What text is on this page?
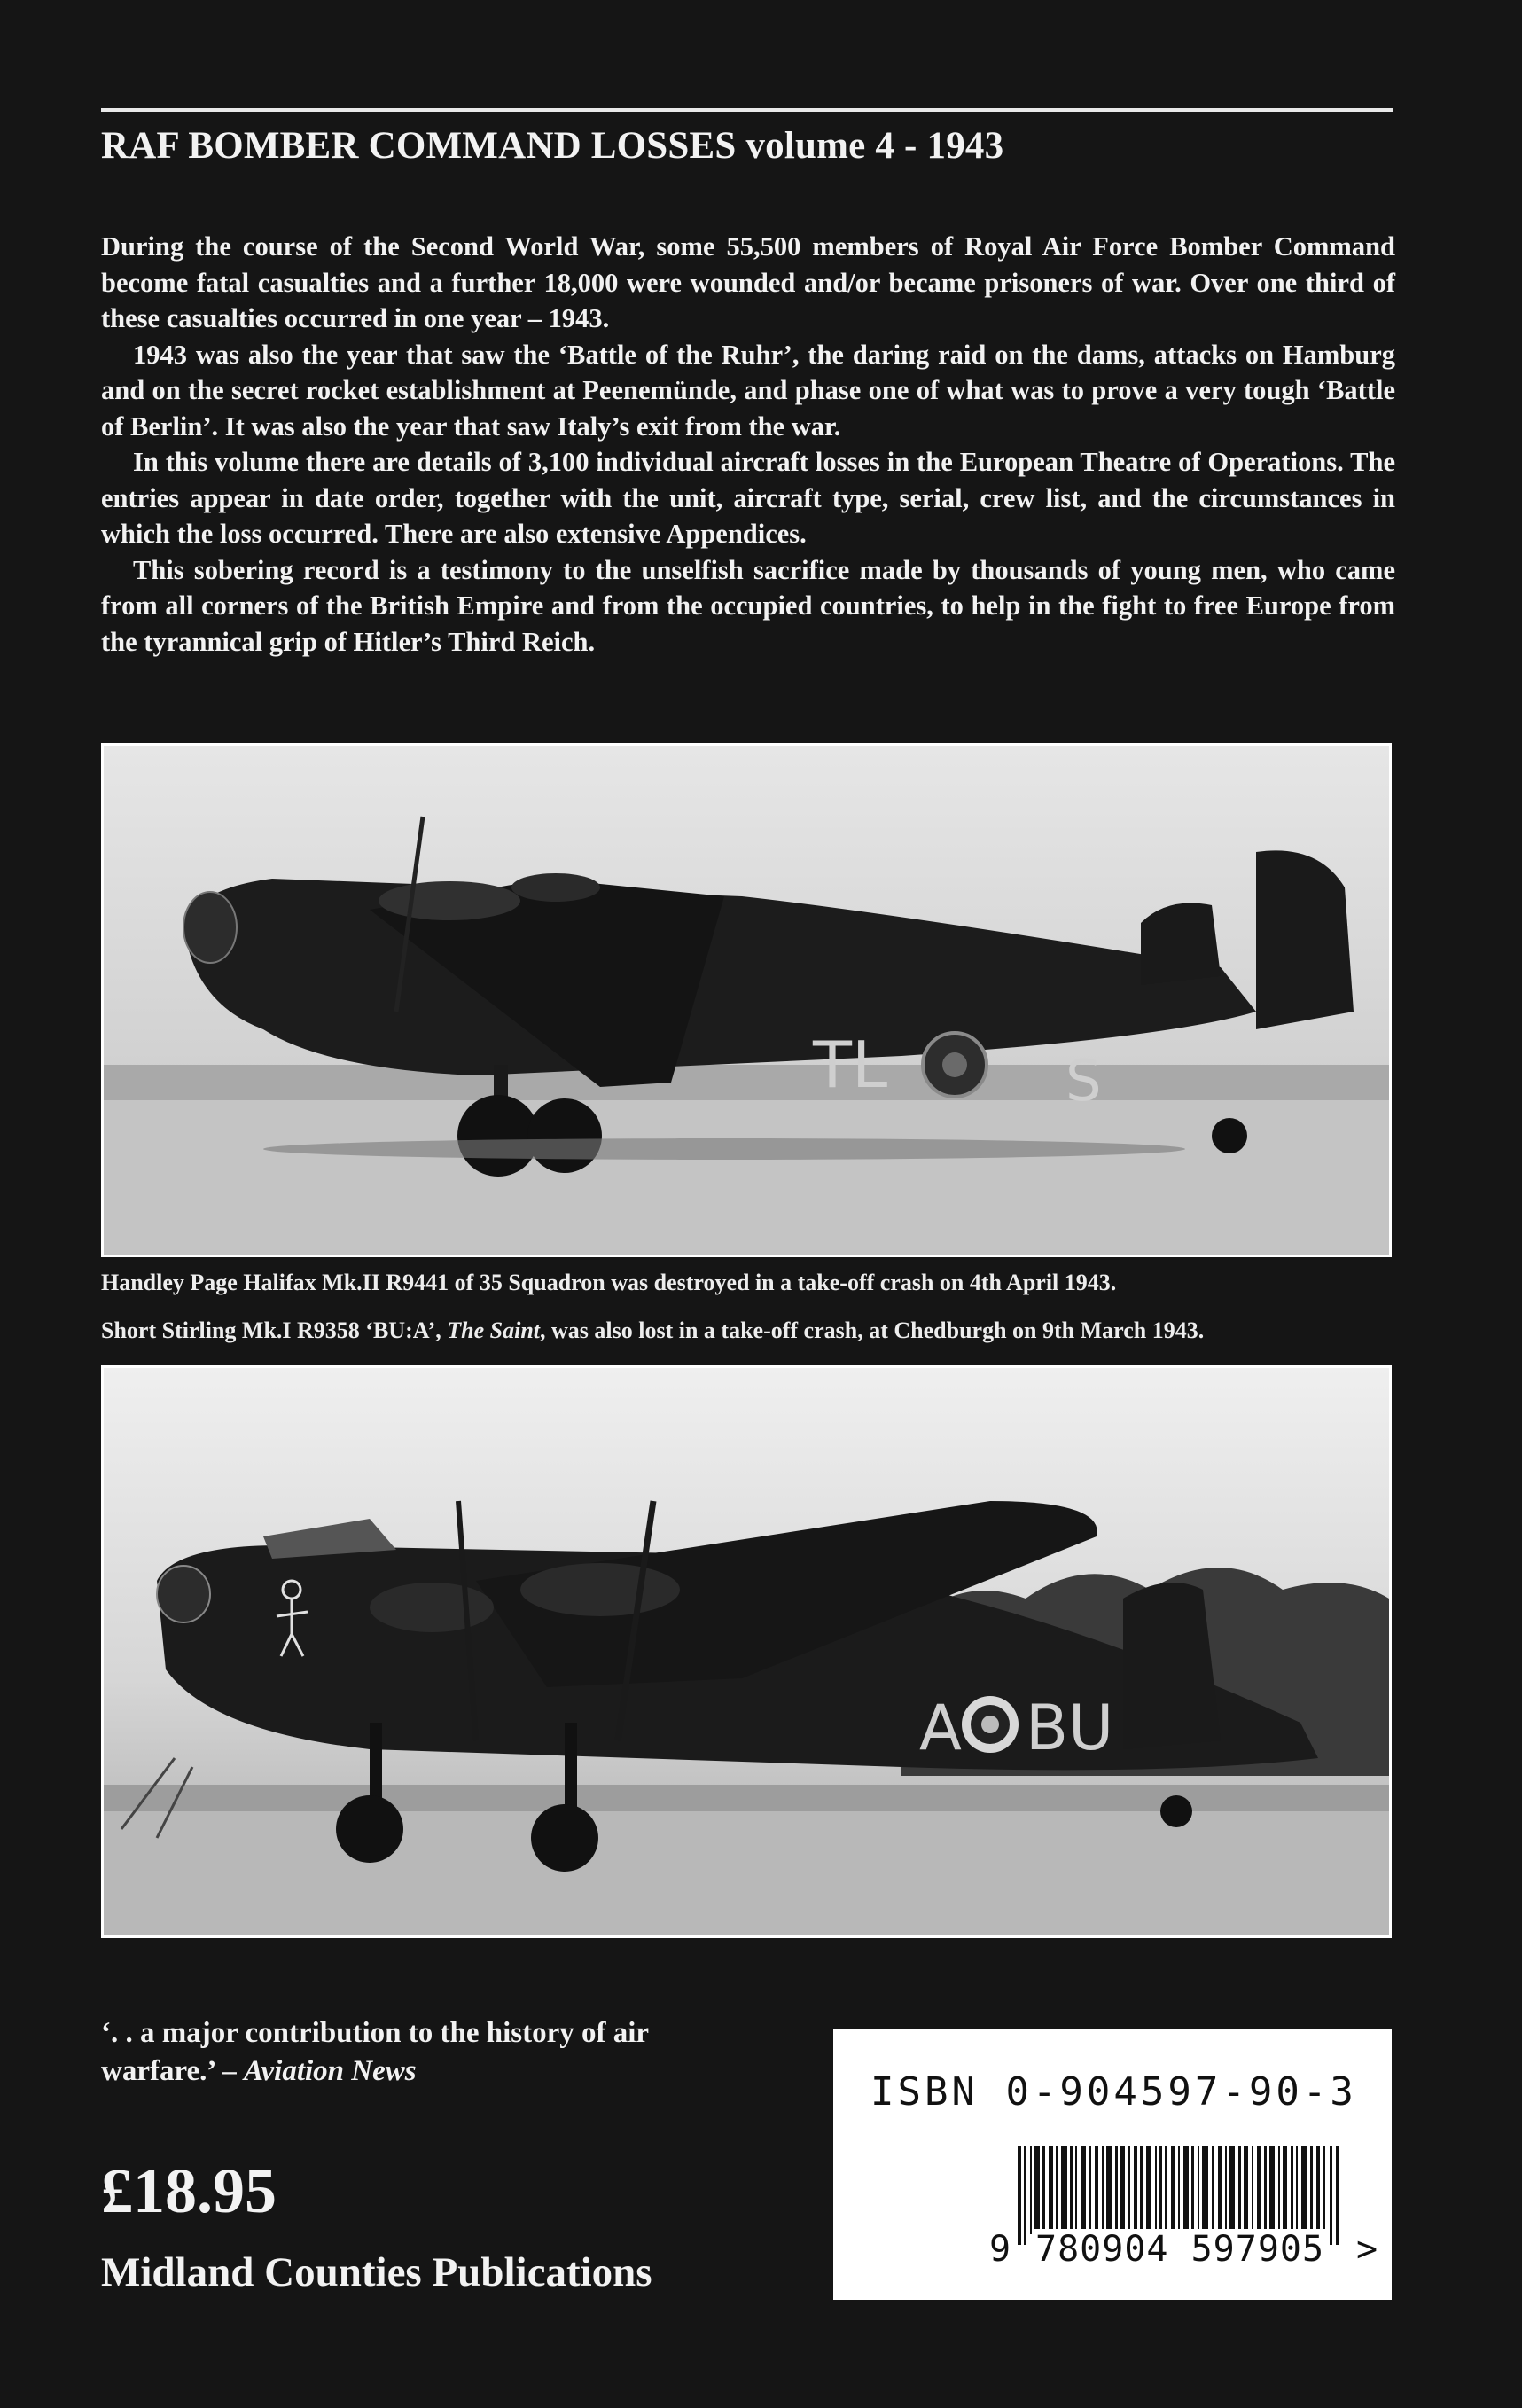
RAF BOMBER COMMAND LOSSES volume 4 - 1943

During the course of the Second World War, some 55,500 members of Royal Air Force Bomber Command become fatal casualties and a further 18,000 were wounded and/or became prisoners of war. Over one third of these casualties occurred in one year – 1943.

1943 was also the year that saw the ‘Battle of the Ruhr’, the daring raid on the dams, attacks on Hamburg and on the secret rocket establishment at Peenemünde, and phase one of what was to prove a very tough ‘Battle of Berlin’. It was also the year that saw Italy’s exit from the war.

In this volume there are details of 3,100 individual aircraft losses in the European Theatre of Operations. The entries appear in date order, together with the unit, aircraft type, serial, crew list, and the circumstances in which the loss occurred. There are also extensive Appendices.

This sobering record is a testimony to the unselfish sacrifice made by thousands of young men, who came from all corners of the British Empire and from the occupied countries, to help in the fight to free Europe from the tyrannical grip of Hitler’s Third Reich.

TL	S
Handley Page Halifax Mk.II R9441 of 35 Squadron was destroyed in a take-off crash on 4th April 1943.
Short Stirling Mk.I R9358 ‘BU:A’, The Saint, was also lost in a take-off crash, at Chedburgh on 9th March 1943.
A BU
‘. . a major contribution to the history of air warfare.’ – Aviation News
£18.95
Midland Counties Publications
ISBN 0-904597-90-3
9 780904 597905 >
